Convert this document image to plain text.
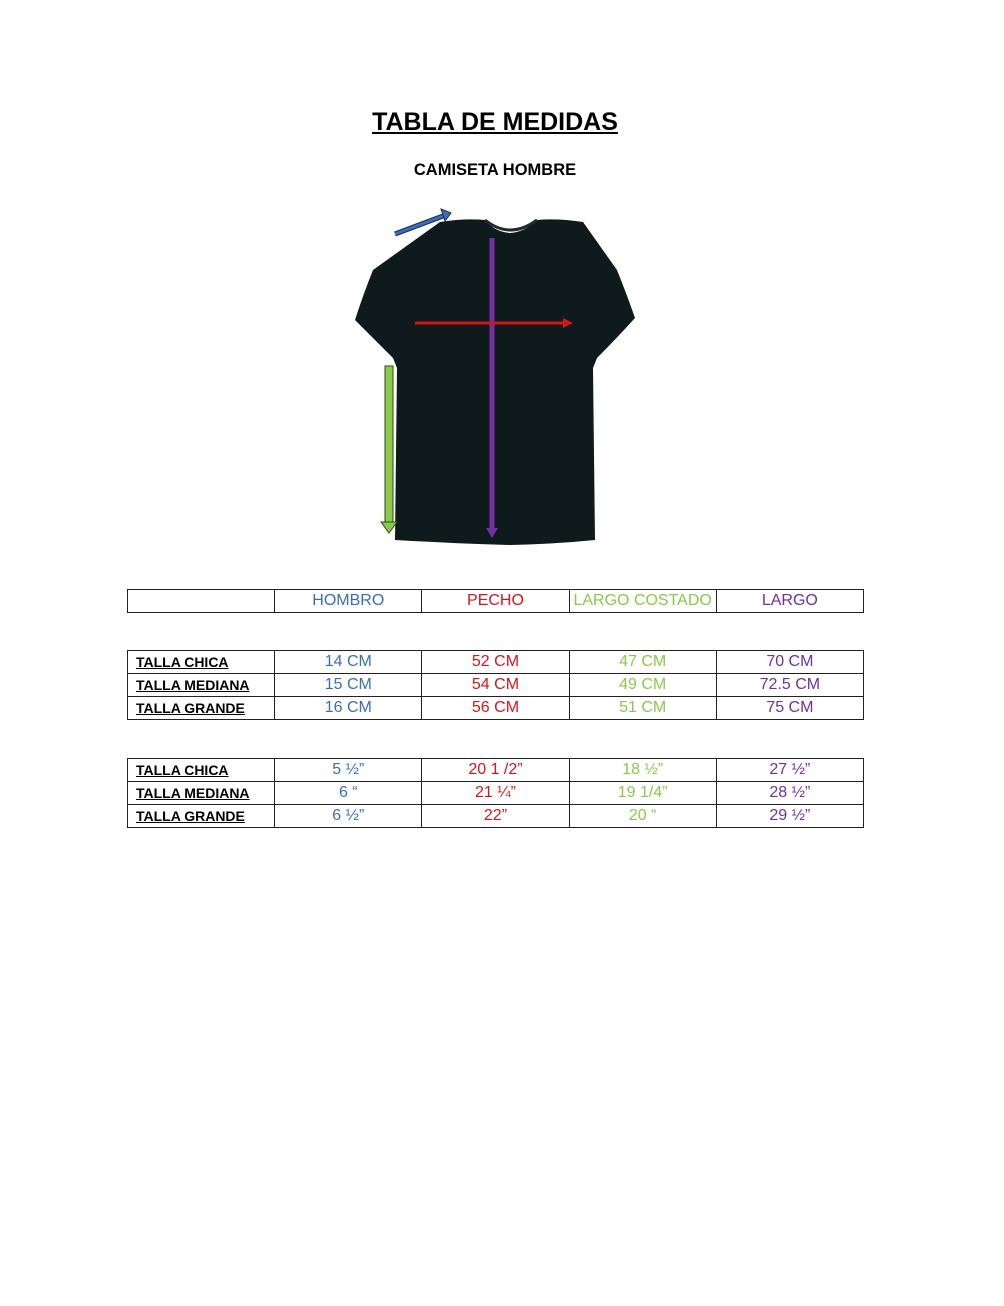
TABLA DE MEDIDAS
CAMISETA HOMBRE
	HOMBRO	PECHO	LARGO COSTADO	LARGO
TALLA CHICA	14 CM	52 CM	47 CM	70 CM
TALLA MEDIANA	15 CM	54 CM	49 CM	72.5 CM
TALLA GRANDE	16 CM	56 CM	51 CM	75 CM
TALLA CHICA	5 ½”	20 1 /2”	18 ½”	27 ½”
TALLA MEDIANA	6 “	21 ¼”	19 1/4”	28 ½”
TALLA GRANDE	6 ½”	22”	20 “	29 ½”
